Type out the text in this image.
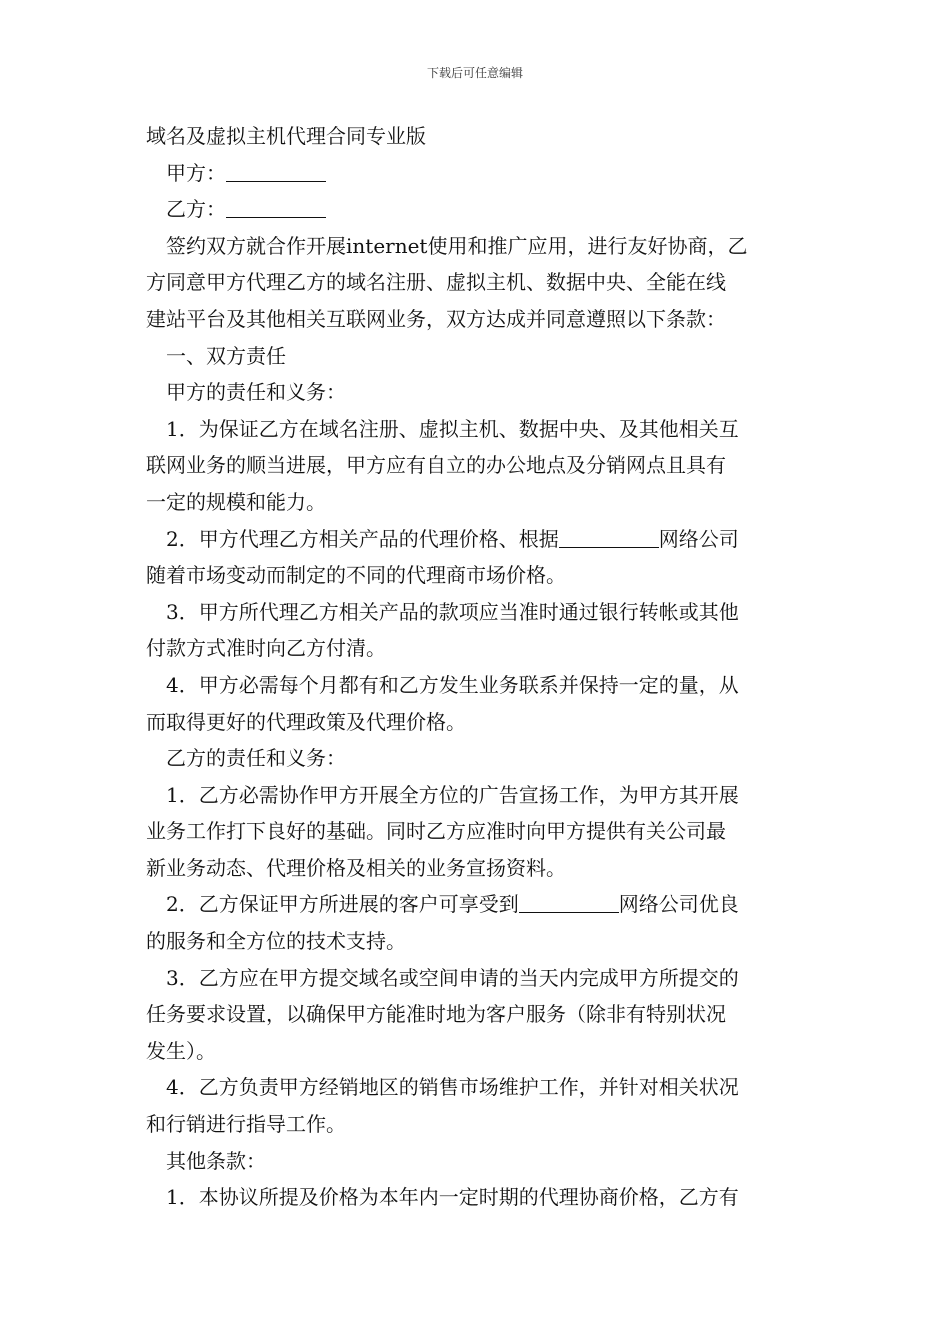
下载后可任意编辑
域名及虚拟主机代理合同专业版
甲方：
乙方：
签约双方就合作开展internet使用和推广应用，进行友好协商，乙
方同意甲方代理乙方的域名注册、虚拟主机、数据中央、全能在线
建站平台及其他相关互联网业务，双方达成并同意遵照以下条款：
一、双方责任
甲方的责任和义务：
1．为保证乙方在域名注册、虚拟主机、数据中央、及其他相关互
联网业务的顺当进展，甲方应有自立的办公地点及分销网点且具有
一定的规模和能力。
2．甲方代理乙方相关产品的代理价格、根据	网络公司
随着市场变动而制定的不同的代理商市场价格。
3．甲方所代理乙方相关产品的款项应当准时通过银行转帐或其他
付款方式准时向乙方付清。
4．甲方必需每个月都有和乙方发生业务联系并保持一定的量，从
而取得更好的代理政策及代理价格。
乙方的责任和义务：
1．乙方必需协作甲方开展全方位的广告宣扬工作，为甲方其开展
业务工作打下良好的基础。同时乙方应准时向甲方提供有关公司最
新业务动态、代理价格及相关的业务宣扬资料。
2．乙方保证甲方所进展的客户可享受到	网络公司优良
的服务和全方位的技术支持。
3．乙方应在甲方提交域名或空间申请的当天内完成甲方所提交的
任务要求设置，以确保甲方能准时地为客户服务（除非有特别状况
发生）。
4．乙方负责甲方经销地区的销售市场维护工作，并针对相关状况
和行销进行指导工作。
其他条款：
1．本协议所提及价格为本年内一定时期的代理协商价格，乙方有
